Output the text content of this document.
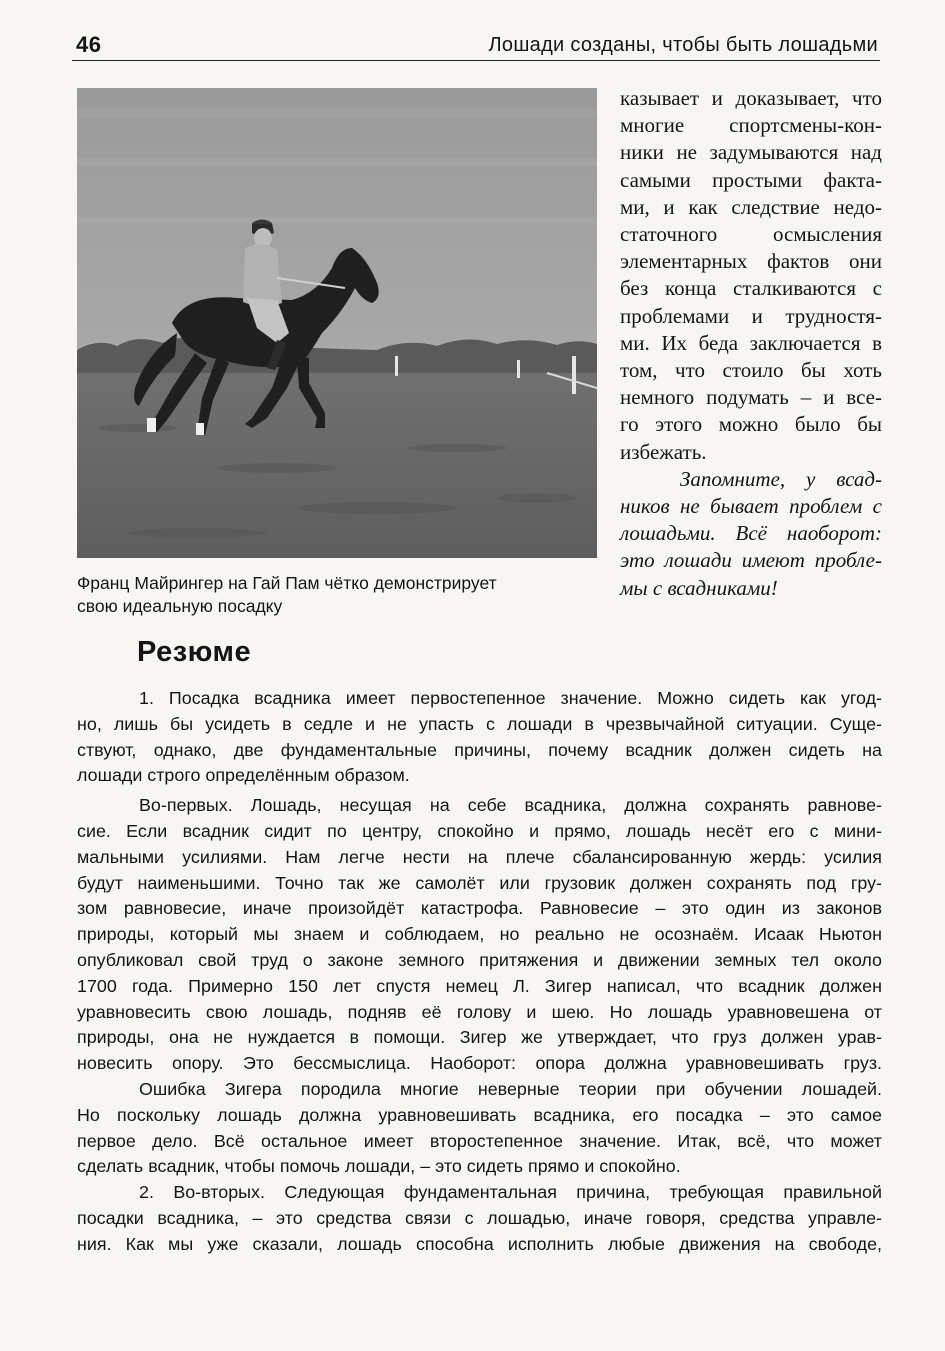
46	Лошади созданы, чтобы быть лошадьми
Франц Майрингер на Гай Пам чётко демонстрирует
свою идеальную посадку
казывает и доказывает, что
многие спортсмены-кон-
ники не задумываются над
самыми простыми факта-
ми, и как следствие недо-
статочного осмысления
элементарных фактов они
без конца сталкиваются с
проблемами и трудностя-
ми. Их беда заключается в
том, что стоило бы хоть
немного подумать – и все-
го этого можно было бы
избежать.
Запомните, у всад-
ников не бывает проблем с
лошадьми. Всё наоборот:
это лошади имеют пробле-
мы с всадниками!
Резюме
1. Посадка всадника имеет первостепенное значение. Можно сидеть как угод-
но, лишь бы усидеть в седле и не упасть с лошади в чрезвычайной ситуации. Суще-
ствуют, однако, две фундаментальные причины, почему всадник должен сидеть на
лошади строго определённым образом.
Во-первых. Лошадь, несущая на себе всадника, должна сохранять равнове-
сие. Если всадник сидит по центру, спокойно и прямо, лошадь несёт его с мини-
мальными усилиями. Нам легче нести на плече сбалансированную жердь: усилия
будут наименьшими. Точно так же самолёт или грузовик должен сохранять под гру-
зом равновесие, иначе произойдёт катастрофа. Равновесие – это один из законов
природы, который мы знаем и соблюдаем, но реально не осознаём. Исаак Ньютон
опубликовал свой труд о законе земного притяжения и движении земных тел около
1700 года. Примерно 150 лет спустя немец Л. Зигер написал, что всадник должен
уравновесить свою лошадь, подняв её голову и шею. Но лошадь уравновешена от
природы, она не нуждается в помощи. Зигер же утверждает, что груз должен урав-
новесить опору. Это бессмыслица. Наоборот: опора должна уравновешивать груз.
Ошибка Зигера породила многие неверные теории при обучении лошадей.
Но поскольку лошадь должна уравновешивать всадника, его посадка – это самое
первое дело. Всё остальное имеет второстепенное значение. Итак, всё, что может
сделать всадник, чтобы помочь лошади, – это сидеть прямо и спокойно.
2. Во-вторых. Следующая фундаментальная причина, требующая правильной
посадки всадника, – это средства связи с лошадью, иначе говоря, средства управле-
ния. Как мы уже сказали, лошадь способна исполнить любые движения на свободе,
